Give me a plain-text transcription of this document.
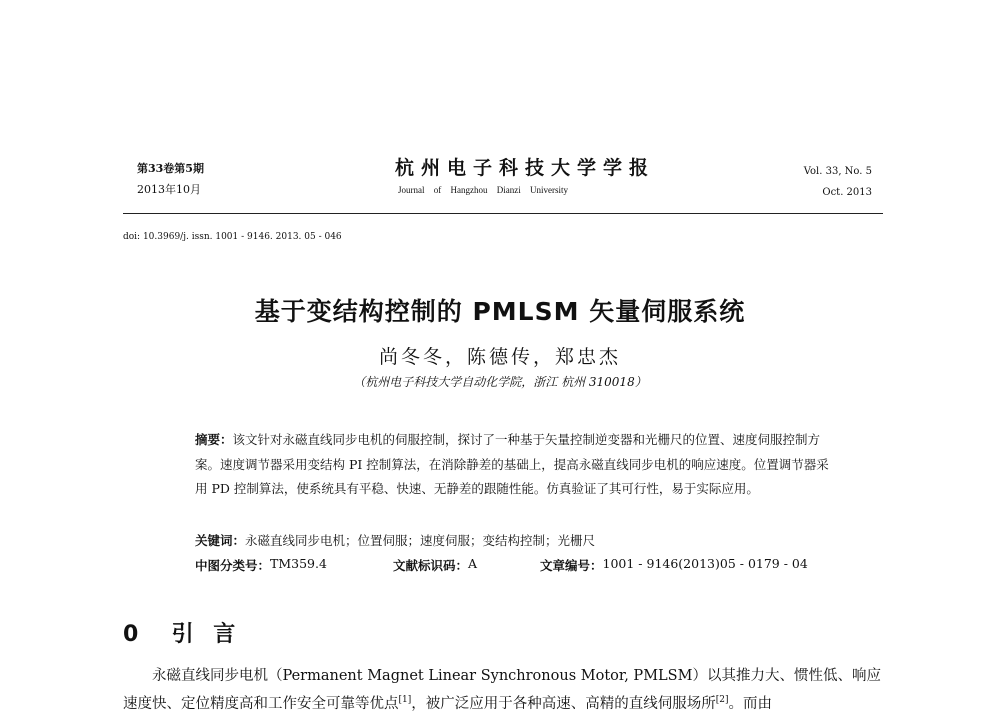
第33卷第5期
2013年10月
杭州电子科技大学学报
Journal of Hangzhou Dianzi University
Vol. 33, No. 5
Oct. 2013
doi: 10.3969/j. issn. 1001 - 9146. 2013. 05 - 046
基于变结构控制的 PMLSM 矢量伺服系统
尚冬冬，陈德传，郑忠杰
（杭州电子科技大学自动化学院，浙江 杭州 310018）
摘要：该文针对永磁直线同步电机的伺服控制，探讨了一种基于矢量控制逆变器和光栅尺的位置、速度伺服控制方案。速度调节器采用变结构 PI 控制算法，在消除静差的基础上，提高永磁直线同步电机的响应速度。位置调节器采用 PD 控制算法，使系统具有平稳、快速、无静差的跟随性能。仿真验证了其可行性，易于实际应用。
关键词：永磁直线同步电机；位置伺服；速度伺服；变结构控制；光栅尺
中图分类号： TM359.4	文献标识码： A	文章编号： 1001 - 9146(2013)05 - 0179 - 04
0 引 言
永磁直线同步电机（Permanent Magnet Linear Synchronous Motor, PMLSM）以其推力大、惯性低、响应速度快、定位精度高和工作安全可靠等优点[1]，被广泛应用于各种高速、高精的直线伺服场所[2]。而由
